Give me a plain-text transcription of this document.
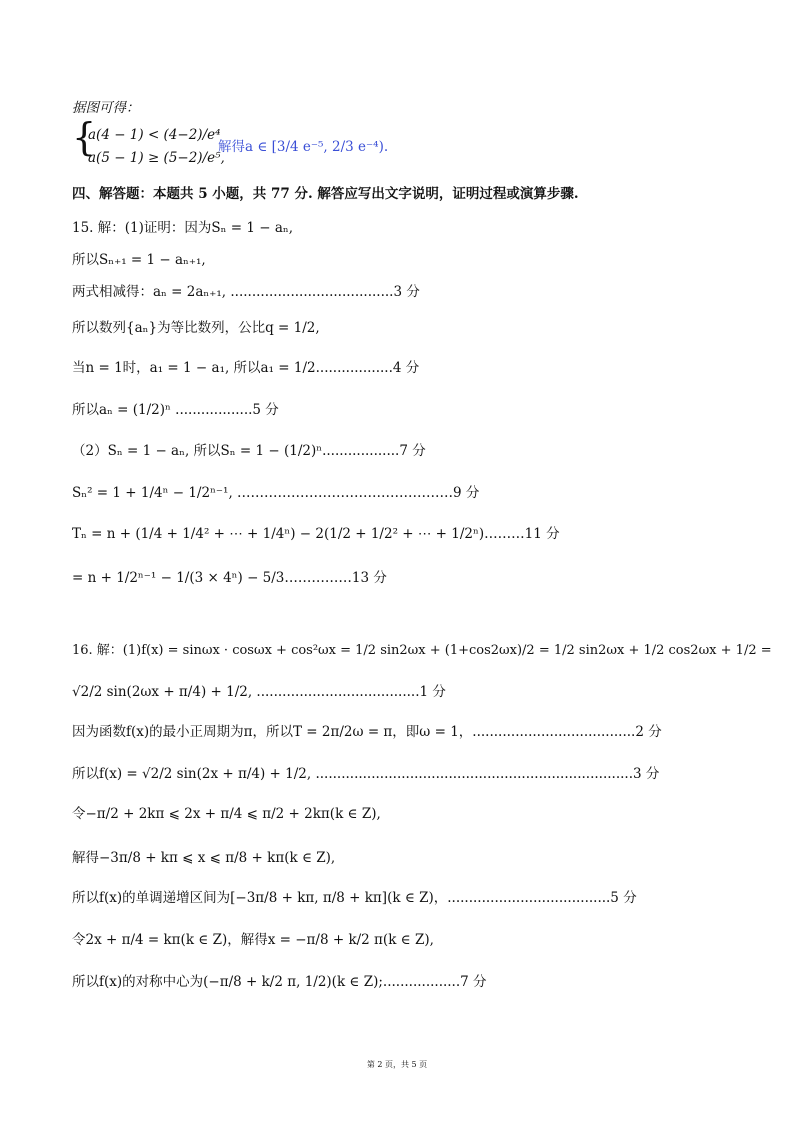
据图可得：
{
a(4 − 1) < (4−2)/e⁴
a(5 − 1) ≥ (5−2)/e⁵,
解得a ∈ [3/4 e⁻⁵, 2/3 e⁻⁴).
四、解答题：本题共 5 小题，共 77 分. 解答应写出文字说明，证明过程或演算步骤.
15. 解：(1)证明：因为Sₙ = 1 − aₙ,
所以Sₙ₊₁ = 1 − aₙ₊₁,
两式相减得：aₙ = 2aₙ₊₁, ......................................3 分
所以数列{aₙ}为等比数列，公比q = 1/2,
当n = 1时，a₁ = 1 − a₁, 所以a₁ = 1/2..................4 分
所以aₙ = (1/2)ⁿ ..................5 分
（2）Sₙ = 1 − aₙ, 所以Sₙ = 1 − (1/2)ⁿ..................7 分
Sₙ² = 1 + 1/4ⁿ − 1/2ⁿ⁻¹, …………………………………………9 分
Tₙ = n + (1/4 + 1/4² + ⋯ + 1/4ⁿ) − 2(1/2 + 1/2² + ⋯ + 1/2ⁿ)………11 分
= n + 1/2ⁿ⁻¹ − 1/(3 × 4ⁿ) − 5/3……………13 分
16. 解：(1)f(x) = sinωx · cosωx + cos²ωx = 1/2 sin2ωx + (1+cos2ωx)/2 = 1/2 sin2ωx + 1/2 cos2ωx + 1/2 =
√2/2 sin(2ωx + π/4) + 1/2, ......................................1 分
因为函数f(x)的最小正周期为π，所以T = 2π/2ω = π，即ω = 1，......................................2 分
所以f(x) = √2/2 sin(2x + π/4) + 1/2, ..........................................................................3 分
令−π/2 + 2kπ ⩽ 2x + π/4 ⩽ π/2 + 2kπ(k ∈ Z),
解得−3π/8 + kπ ⩽ x ⩽ π/8 + kπ(k ∈ Z),
所以f(x)的单调递增区间为[−3π/8 + kπ, π/8 + kπ](k ∈ Z)，......................................5 分
令2x + π/4 = kπ(k ∈ Z)，解得x = −π/8 + k/2 π(k ∈ Z),
所以f(x)的对称中心为(−π/8 + k/2 π, 1/2)(k ∈ Z);..................7 分
第 2 页，共 5 页
